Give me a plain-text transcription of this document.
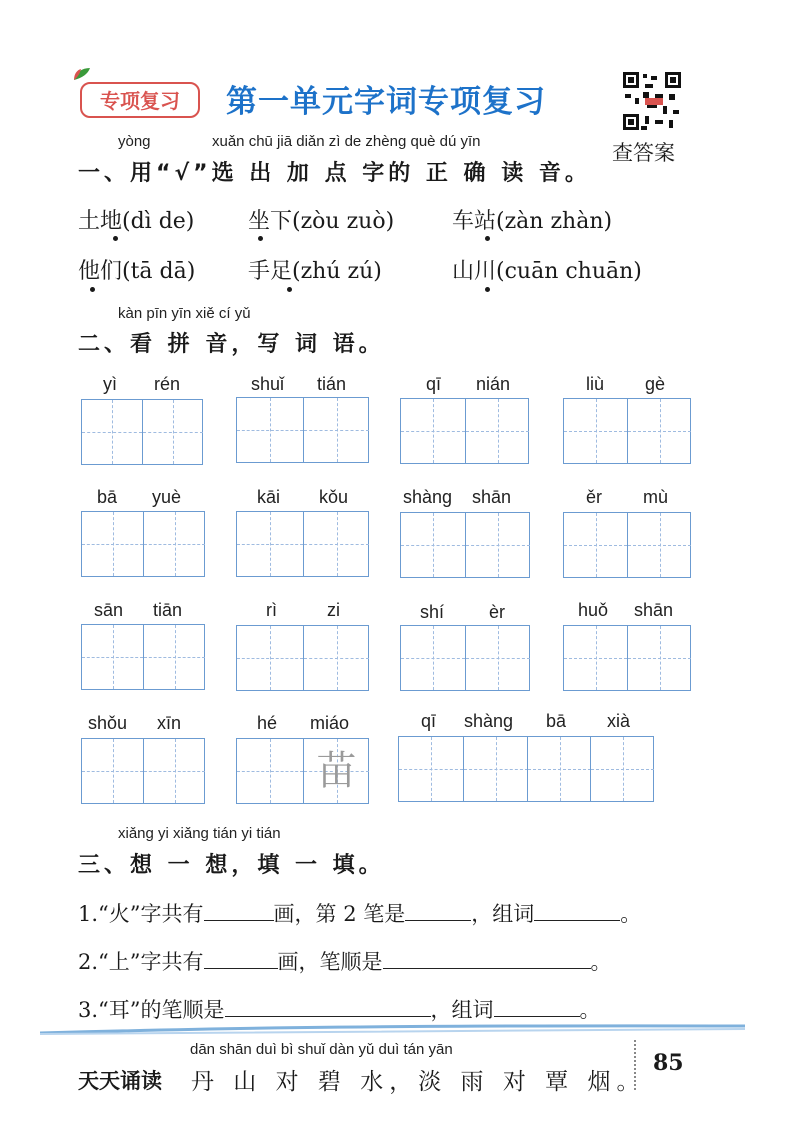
专项复习	第一单元字词专项复习
查答案
yòng	xuǎn chū jiā diǎn zì de zhèng què dú yīn
一、用“√”选 出 加 点 字的 正 确 读 音。
土地(dì de) 坐下(zòu zuò)	车站(zàn zhàn)
他们(tā dā) 手足(zhú zú)	山川(cuān chuān)
kàn pīn yīn xiě cí yǔ
二、看 拼 音，写 词 语。
yì rén	shuǐ tián	qī nián	liù gè
bā yuè	kāi kǒu	shàng shān	ěr mù
sān tiān	rì	zi	shí èr	huǒ shān
shǒu xīn	hé miáo
苗
qī shàng bā xià
xiǎng yi xiǎng tián yi tián
三、想 一 想，填 一 填。
1.“火”字共有	画，第 2 笔是	，组词	。
2.“上”字共有	画，笔顺是	。
3.“耳”的笔顺是	，组词	。
dān shān duì bì shuǐ dàn yǔ duì tán yān
天天诵读 丹 山 对 碧 水，淡 雨 对 覃 烟。
85
